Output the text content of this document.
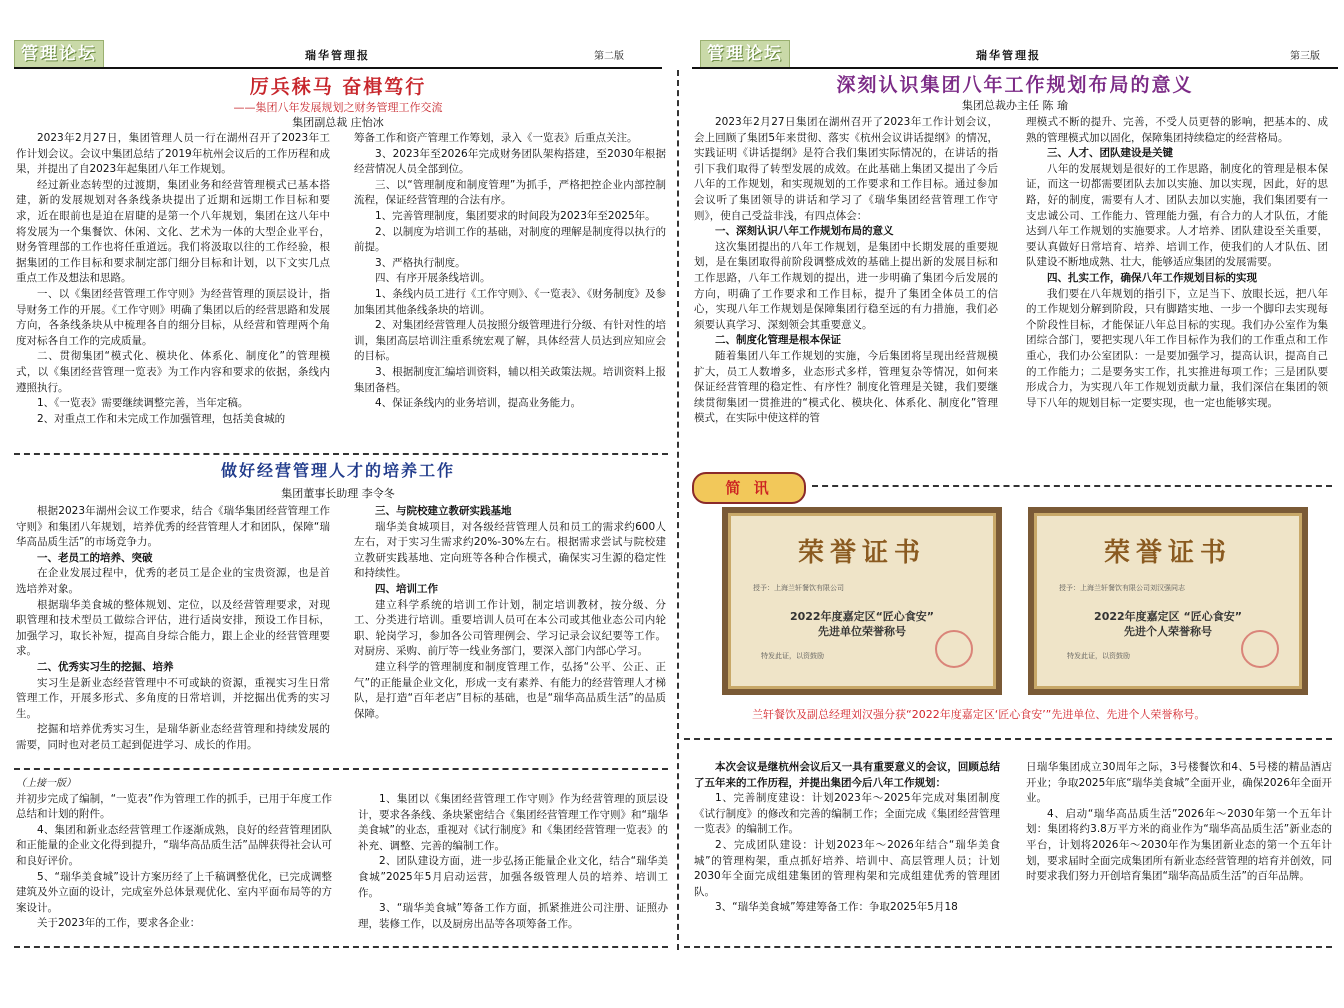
管理论坛	瑞华管理报	第二版
厉兵秣马 奋楫笃行
——集团八年发展规划之财务管理工作交流
集团副总裁 庄怡冰

2023年2月27日，集团管理人员一行在湖州召开了2023年工作计划会议。会议中集团总结了2019年杭州会议后的工作历程和成果，并提出了自2023年起集团八年工作规划。

经过新业态转型的过渡期，集团业务和经营管理模式已基本搭建，新的发展规划对各条线条块提出了近期和远期工作目标和要求，近在眼前也是迫在眉睫的是第一个八年规划，集团在这八年中将发展为一个集餐饮、休闲、文化、艺术为一体的大型企业平台，财务管理部的工作也将任重道远。我们将汲取以往的工作经验，根据集团的工作目标和要求制定部门细分目标和计划，以下文实几点重点工作及想法和思路。

一、以《集团经营管理工作守则》为经营管理的顶层设计，指导财务工作的开展。《工作守则》明确了集团以后的经营思路和发展方向，各条线条块从中梳理各自的细分目标，从经营和管理两个角度对标各自工作的完成质量。

二、贯彻集团“模式化、模块化、体系化、制度化”的管理模式，以《集团经营管理一览表》为工作内容和要求的依据，条线内遵照执行。

1、《一览表》需要继续调整完善，当年定稿。

2、对重点工作和未完成工作加强管理，包括美食城的

筹备工作和资产管理工作筹划，录入《一览表》后重点关注。

3、2023年至2026年完成财务团队架构搭建，至2030年根据经营情况人员全部到位。

三、以“管理制度和制度管理”为抓手，严格把控企业内部控制流程，保证经营管理的合法有序。

1、完善管理制度，集团要求的时间段为2023年至2025年。

2、以制度为培训工作的基础，对制度的理解是制度得以执行的前提。

3、严格执行制度。

四、有序开展条线培训。

1、条线内员工进行《工作守则》、《一览表》、《财务制度》及参加集团其他条线条块的培训。

2、对集团经营管理人员按照分级管理进行分级、有针对性的培训，集团高层培训注重系统宏观了解，具体经营人员达到应知应会的目标。

3、根据制度汇编培训资料，辅以相关政策法规。培训资料上报集团备档。

4、保证条线内的业务培训，提高业务能力。

做好经营管理人才的培养工作
集团董事长助理 李令冬

根据2023年湖州会议工作要求，结合《瑞华集团经营管理工作守则》和集团八年规划，培养优秀的经营管理人才和团队，保障“瑞华高品质生活”的市场竞争力。

一、老员工的培养、突破

在企业发展过程中，优秀的老员工是企业的宝贵资源，也是首选培养对象。

根据瑞华美食城的整体规划、定位，以及经营管理要求，对现职管理和技术型员工做综合评估，进行适岗安排，预设工作目标，加强学习，取长补短，提高自身综合能力，跟上企业的经营管理要求。

二、优秀实习生的挖掘、培养

实习生是新业态经营管理中不可或缺的资源，重视实习生日常管理工作，开展多形式、多角度的日常培训，并挖掘出优秀的实习生。

挖掘和培养优秀实习生，是瑞华新业态经营管理和持续发展的需要，同时也对老员工起到促进学习、成长的作用。

三、与院校建立教研实践基地

瑞华美食城项目，对各级经营管理人员和员工的需求约600人左右，对于实习生需求约20%-30%左右。根据需求尝试与院校建立教研实践基地、定向班等各种合作模式，确保实习生源的稳定性和持续性。

四、培训工作

建立科学系统的培训工作计划，制定培训教材，按分级、分工、分类进行培训。重要培训人员可在本公司或其他业态公司内轮职、轮岗学习，参加各公司管理例会、学习记录会议纪要等工作。对厨房、采购、前厅等一线业务部门，要深入部门内部心学习。

建立科学的管理制度和制度管理工作，弘扬“公平、公正、正气”的正能量企业文化，形成一支有素养、有能力的经营管理人才梯队，是打造“百年老店”目标的基础，也是“瑞华高品质生活”的品质保障。

（上接一版）

并初步完成了编制，“一览表”作为管理工作的抓手，已用于年度工作总结和计划的附件。

4、集团和新业态经营管理工作逐渐成熟，良好的经营管理团队和正能量的企业文化得到提升，“瑞华高品质生活”品牌获得社会认可和良好评价。

5、“瑞华美食城”设计方案历经了上千稿调整优化，已完成调整建筑及外立面的设计，完成室外总体景观优化、室内平面布局等的方案设计。

关于2023年的工作，要求各企业：

1、集团以《集团经营管理工作守则》作为经营管理的顶层设计，要求各条线、条块紧密结合《集团经营管理工作守则》和“瑞华美食城”的业态，重视对《试行制度》和《集团经营管理一览表》的补充、调整、完善的编制工作。

2、团队建设方面，进一步弘扬正能量企业文化，结合“瑞华美食城”2025年5月启动运营，加强各级管理人员的培养、培训工作。

3、“瑞华美食城”筹备工作方面，抓紧推进公司注册、证照办理，装修工作，以及厨房出品等各项筹备工作。

管理论坛	瑞华管理报	第三版
深刻认识集团八年工作规划布局的意义
集团总裁办主任 陈 瑜

2023年2月27日集团在湖州召开了2023年工作计划会议，会上回顾了集团5年来贯彻、落实《杭州会议讲话提纲》的情况，实践证明《讲话提纲》是符合我们集团实际情况的，在讲话的指引下我们取得了转型发展的成效。在此基础上集团又提出了今后八年的工作规划，和实现规划的工作要求和工作目标。通过参加会议听了集团领导的讲话和学习了《瑞华集团经营管理工作守则》，使自己受益非浅，有四点体会：

一、深刻认识八年工作规划布局的意义

这次集团提出的八年工作规划，是集团中长期发展的重要规划，是在集团取得前阶段调整成效的基础上提出新的发展目标和工作思路，八年工作规划的提出，进一步明确了集团今后发展的方向，明确了工作要求和工作目标，提升了集团全体员工的信心，实现八年工作规划是保障集团行稳至远的有力措施，我们必须要认真学习、深刻领会其重要意义。

二、制度化管理是根本保证

随着集团八年工作规划的实施，今后集团将呈现出经营规模扩大，员工人数增多，业态形式多样，管理复杂等情况，如何来保证经营管理的稳定性、有序性？制度化管理是关键，我们要继续贯彻集团一贯推进的“模式化、模块化、体系化、制度化”管理模式，在实际中使这样的管

理模式不断的提升、完善，不受人员更替的影响，把基本的、成熟的管理模式加以固化，保障集团持续稳定的经营格局。

三、人才、团队建设是关键

八年的发展规划是很好的工作思路，制度化的管理是根本保证，而这一切都需要团队去加以实施、加以实现，因此，好的思路，好的制度，需要有人才、团队去加以实施，我们集团要有一支忠诚公司、工作能力、管理能力强，有合力的人才队伍，才能达到八年工作规划的实施要求。人才培养、团队建设至关重要，要认真做好日常培育、培养、培训工作，使我们的人才队伍、团队建设不断地成熟、壮大，能够适应集团的发展需要。

四、扎实工作，确保八年工作规划目标的实现

我们要在八年规划的指引下，立足当下、放眼长远，把八年的工作规划分解到阶段，只有脚踏实地、一步一个脚印去实现每个阶段性目标，才能保证八年总目标的实现。我们办公室作为集团综合部门，要把实现八年工作目标作为我们的工作重点和工作重心，我们办公室团队：一是要加强学习，提高认识，提高自己的工作能力；二是要务实工作，扎实推进每项工作；三是团队要形成合力，为实现八年工作规划贡献力量，我们深信在集团的领导下八年的规划目标一定要实现，也一定也能够实现。

简 讯
荣誉证书
授予：上海兰轩餐饮有限公司
2022年度嘉定区“匠心食安”
先进单位荣誉称号
特发此证，以资鼓励
荣誉证书
授予：上海兰轩餐饮有限公司刘汉强同志
2022年度嘉定区 “匠心食安”
先进个人荣誉称号
特发此证，以资鼓励
兰轩餐饮及副总经理刘汉强分获“2022年度嘉定区‘匠心食安’”先进单位、先进个人荣誉称号。

本次会议是继杭州会议后又一具有重要意义的会议，回顾总结了五年来的工作历程，并提出集团今后八年工作规划：

1、完善制度建设：计划2023年～2025年完成对集团制度《试行制度》的修改和完善的编制工作；全面完成《集团经营管理一览表》的编制工作。

2、完成团队建设：计划2023年～2026年结合“瑞华美食城”的管理构架，重点抓好培养、培训中、高层管理人员；计划2030年全面完成组建集团的管理构架和完成组建优秀的管理团队。

3、“瑞华美食城”筹建筹备工作：争取2025年5月18

日瑞华集团成立30周年之际，3号楼餐饮和4、5号楼的精品酒店开业；争取2025年底“瑞华美食城”全面开业，确保2026年全面开业。

4、启动“瑞华高品质生活”2026年～2030年第一个五年计划：集团将约3.8万平方米的商业作为“瑞华高品质生活”新业态的平台，计划将2026年～2030年作为集团新业态的第一个五年计划，要求届时全面完成集团所有新业态经营管理的培育并创效，同时要求我们努力开创培育集团“瑞华高品质生活”的百年品牌。
